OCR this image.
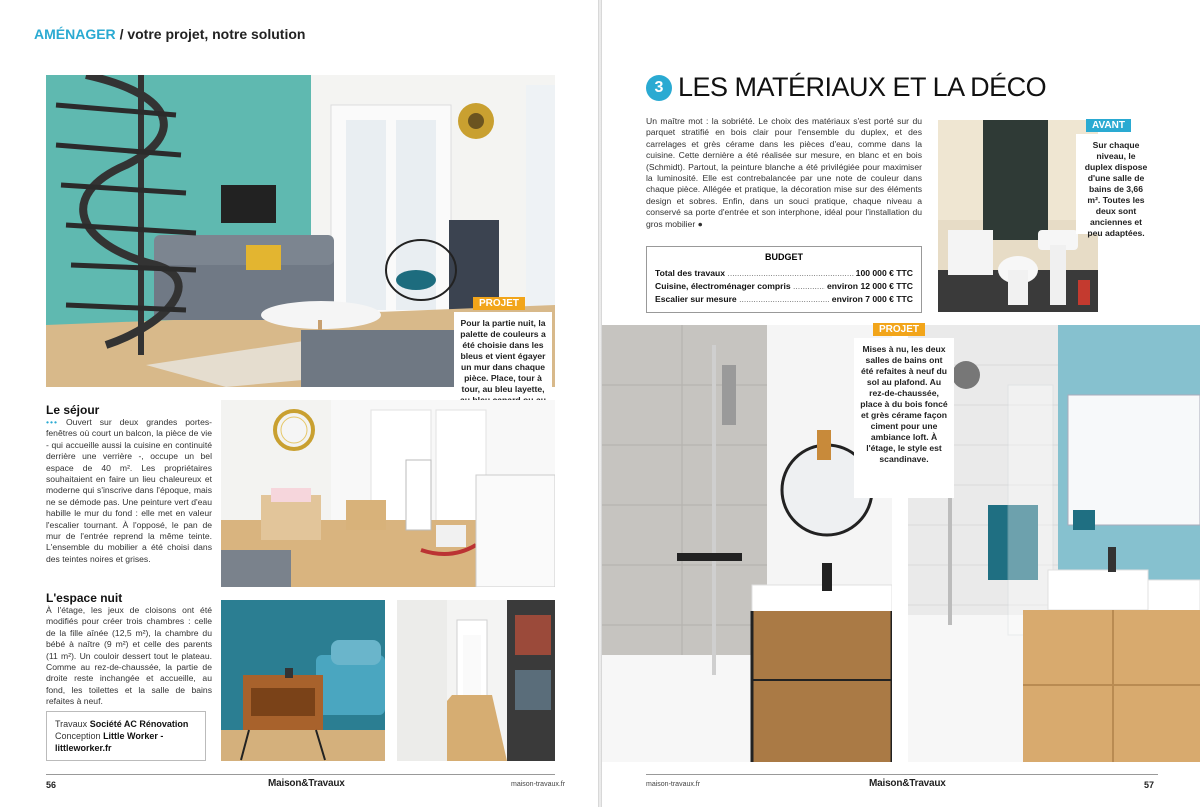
AMÉNAGER / votre projet, notre solution
PROJET
Pour la partie nuit, la palette de couleurs a été choisie dans les bleus et vient égayer un mur dans chaque pièce. Place, tour à tour, au bleu layette,
Le séjour
••• Ouvert sur deux grandes portes-fenêtres où court un balcon, la pièce de vie - qui accueille aussi la cuisine en continuité derrière une verrière -, occupe un bel espace de 40 m². Les propriétaires souhaitaient en faire un lieu chaleureux et moderne qui s'inscrive dans l'époque, mais ne se démode pas. Une peinture vert d'eau habille le mur du fond : elle met en valeur l'escalier tournant. À l'opposé, le pan de mur de l'entrée reprend la même teinte. L'ensemble du mobilier a été choisi dans des teintes noires et grises.
L'espace nuit
À l'étage, les jeux de cloisons ont été modifiés pour créer trois chambres : celle de la fille aînée (12,5 m²), la chambre du bébé à naître (9 m²) et celle des parents (11 m²). Un couloir dessert tout le plateau. Comme au rez-de-chaussée, la partie de droite reste inchangée et accueille, au fond, les toilettes et la salle de bains refaites à neuf.
Travaux Société AC Rénovation
Conception Little Worker -
littleworker.fr
56	Maison&Travaux	maison-travaux.fr
3 LES MATÉRIAUX ET LA DÉCO
Un maître mot : la sobriété. Le choix des matériaux s'est porté sur du parquet stratifié en bois clair pour l'ensemble du duplex, et des carrelages et grès cérame dans les pièces d'eau, comme dans la cuisine. Cette dernière a été réalisée sur mesure, en blanc et en bois (Schmidt). Partout, la peinture blanche a été privilégiée pour maximiser la luminosité. Elle est contrebalancée par une note de couleur dans chaque pièce. Allégée et pratique, la décoration mise sur des éléments design et sobres. Enfin, dans un souci pratique, chaque niveau a conservé sa porte d'entrée et son interphone, idéal pour l'installation du gros mobilier ●
BUDGET
Total des travaux .....	100 000 € TTC
Cuisine, électroménager compris .....	environ 12 000 € TTC
Escalier sur mesure .....	environ 7 000 € TTC
AVANT
Sur chaque niveau, le duplex dispose d'une salle de bains de 3,66 m². Toutes les deux sont anciennes et peu adaptées.
PROJET
Mises à nu, les deux salles de bains ont été refaites à neuf du sol au plafond. Au rez-de-chaussée, place à du bois foncé et grès cérame façon ciment pour une ambiance loft. À l'étage, le style est scandinave.
maison-travaux.fr	Maison&Travaux	57
